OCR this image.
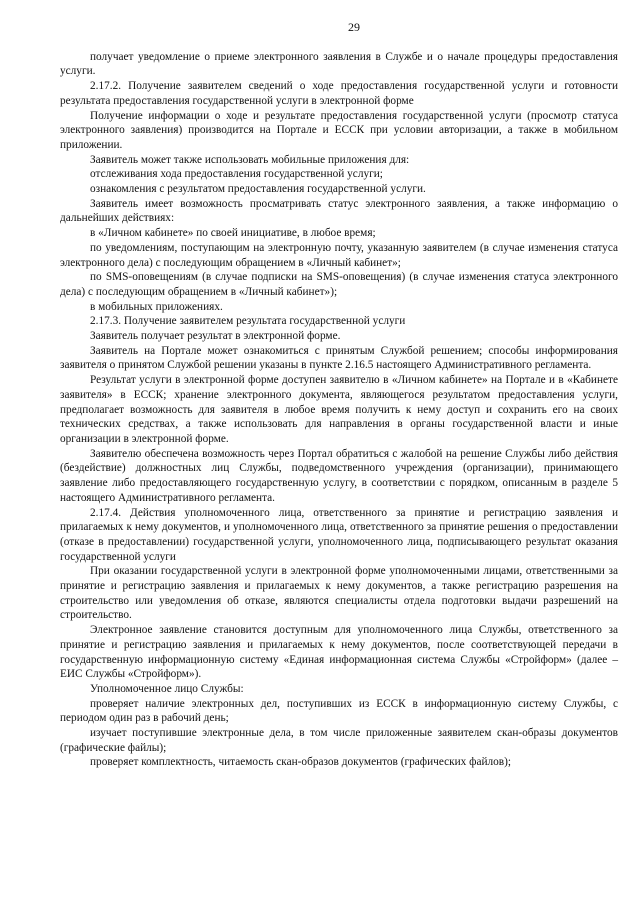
29

получает уведомление о приеме электронного заявления в Службе и о начале процедуры предоставления услуги.

2.17.2. Получение заявителем сведений о ходе предоставления государственной услуги и готовности результата предоставления государственной услуги в электронной форме

Получение информации о ходе и результате предоставления государственной услуги (просмотр статуса электронного заявления) производится на Портале и ЕССК при условии авторизации, а также в мобильном приложении.

Заявитель может также использовать мобильные приложения для:

отслеживания хода предоставления государственной услуги;

ознакомления с результатом предоставления государственной услуги.

Заявитель имеет возможность просматривать статус электронного заявления, а также информацию о дальнейших действиях:

в «Личном кабинете» по своей инициативе, в любое время;

по уведомлениям, поступающим на электронную почту, указанную заявителем (в случае изменения статуса электронного дела) с последующим обращением в «Личный кабинет»;

по SMS-оповещениям (в случае подписки на SMS-оповещения) (в случае изменения статуса электронного дела) с последующим обращением в «Личный кабинет»);

в мобильных приложениях.

2.17.3. Получение заявителем результата государственной услуги

Заявитель получает результат в электронной форме.

Заявитель на Портале может ознакомиться с принятым Службой решением; способы информирования заявителя о принятом Службой решении указаны в пункте 2.16.5 настоящего Административного регламента.

Результат услуги в электронной форме доступен заявителю в «Личном кабинете» на Портале и в «Кабинете заявителя» в ЕССК; хранение электронного документа, являющегося результатом предоставления услуги, предполагает возможность для заявителя в любое время получить к нему доступ и сохранить его на своих технических средствах, а также использовать для направления в органы государственной власти и иные организации в электронной форме.

Заявителю обеспечена возможность через Портал обратиться с жалобой на решение Службы либо действия (бездействие) должностных лиц Службы, подведомственного учреждения (организации), принимающего заявление либо предоставляющего государственную услугу, в соответствии с порядком, описанным в разделе 5 настоящего Административного регламента.

2.17.4. Действия уполномоченного лица, ответственного за принятие и регистрацию заявления и прилагаемых к нему документов, и уполномоченного лица, ответственного за принятие решения о предоставлении (отказе в предоставлении) государственной услуги, уполномоченного лица, подписывающего результат оказания государственной услуги

При оказании государственной услуги в электронной форме уполномоченными лицами, ответственными за принятие и регистрацию заявления и прилагаемых к нему документов, а также регистрацию разрешения на строительство или уведомления об отказе, являются специалисты отдела подготовки выдачи разрешений на строительство.

Электронное заявление становится доступным для уполномоченного лица Службы, ответственного за принятие и регистрацию заявления и прилагаемых к нему документов, после соответствующей передачи в государственную информационную систему «Единая информационная система Службы «Стройформ» (далее – ЕИС Службы «Стройформ»).

Уполномоченное лицо Службы:

проверяет наличие электронных дел, поступивших из ЕССК в информационную систему Службы, с периодом один раз в рабочий день;

изучает поступившие электронные дела, в том числе приложенные заявителем скан-образы документов (графические файлы);

проверяет комплектность, читаемость скан-образов документов (графических файлов);
